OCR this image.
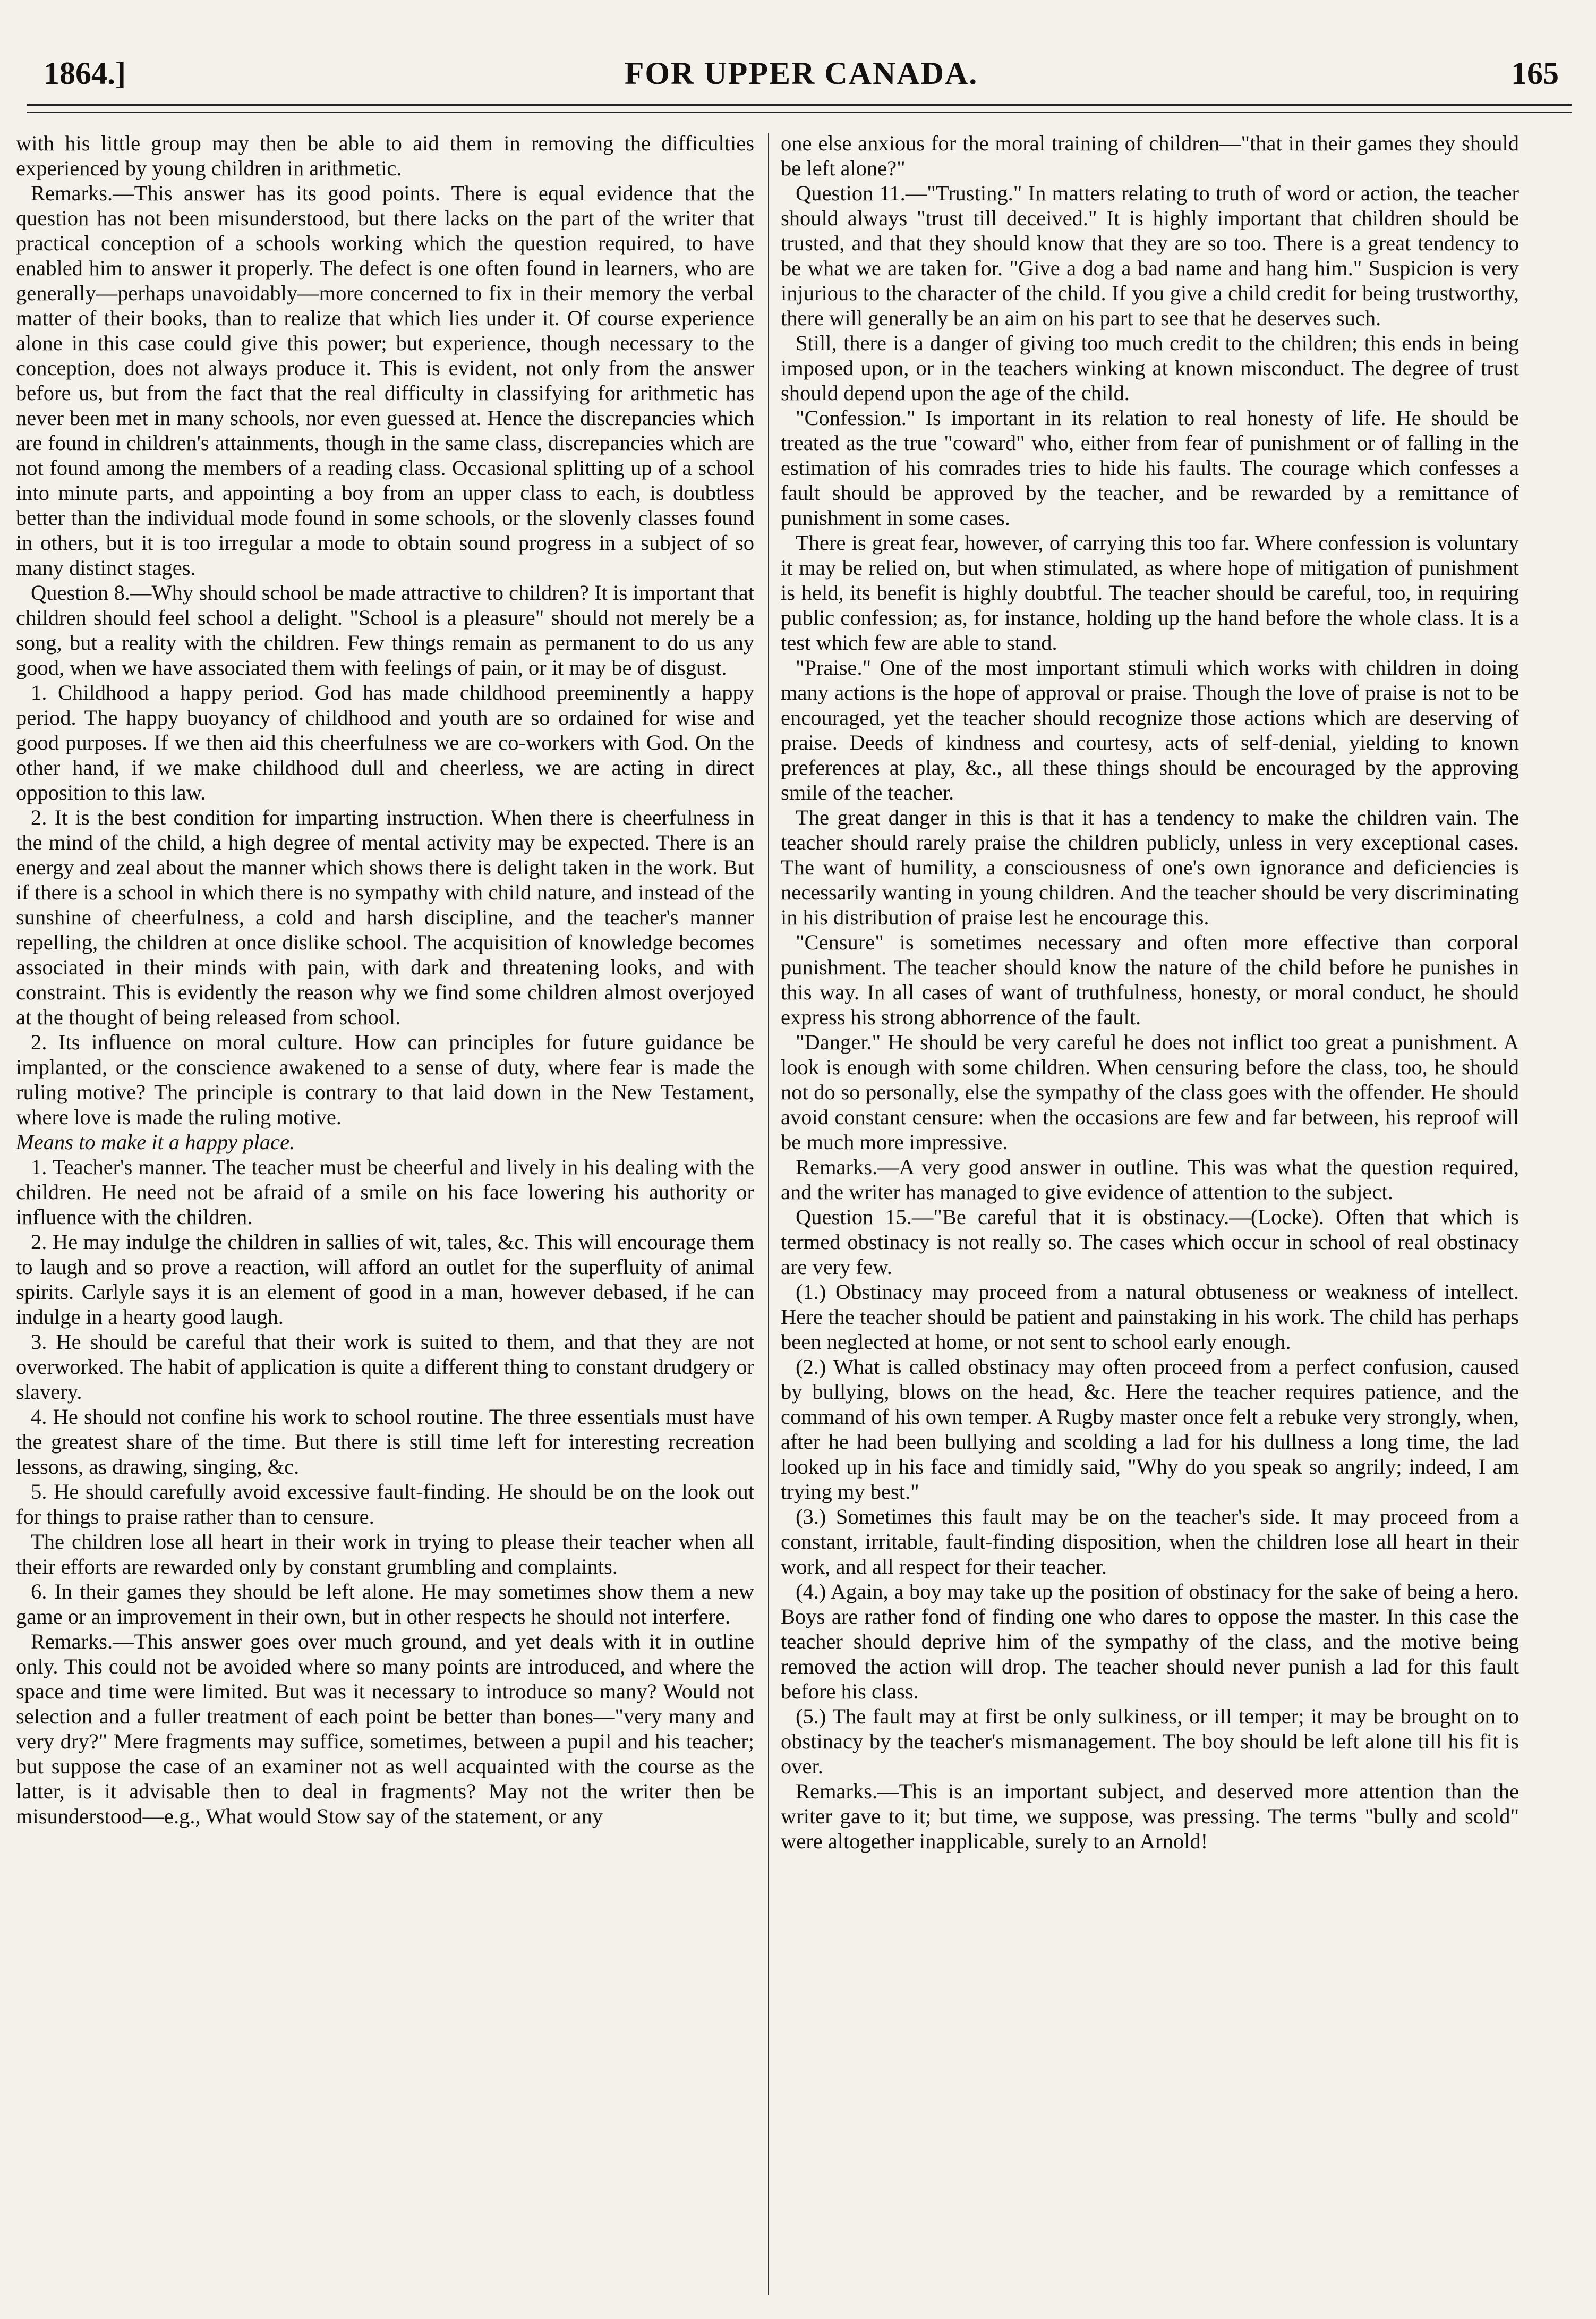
1864.]	FOR UPPER CANADA.	165

with his little group may then be able to aid them in removing the difficulties experienced by young children in arithmetic.

Remarks.—This answer has its good points. There is equal evidence that the question has not been misunderstood, but there lacks on the part of the writer that practical conception of a schools working which the question required, to have enabled him to answer it properly. The defect is one often found in learners, who are generally—perhaps unavoidably—more concerned to fix in their memory the verbal matter of their books, than to realize that which lies under it. Of course experience alone in this case could give this power; but experience, though necessary to the conception, does not always produce it. This is evident, not only from the answer before us, but from the fact that the real difficulty in classifying for arithmetic has never been met in many schools, nor even guessed at. Hence the discrepancies which are found in children's attainments, though in the same class, discrepancies which are not found among the members of a reading class. Occasional splitting up of a school into minute parts, and appointing a boy from an upper class to each, is doubtless better than the individual mode found in some schools, or the slovenly classes found in others, but it is too irregular a mode to obtain sound progress in a subject of so many distinct stages.

Question 8.—Why should school be made attractive to children? It is important that children should feel school a delight. "School is a pleasure" should not merely be a song, but a reality with the children. Few things remain as permanent to do us any good, when we have associated them with feelings of pain, or it may be of disgust.

1. Childhood a happy period. God has made childhood preeminently a happy period. The happy buoyancy of childhood and youth are so ordained for wise and good purposes. If we then aid this cheerfulness we are co-workers with God. On the other hand, if we make childhood dull and cheerless, we are acting in direct opposition to this law.

2. It is the best condition for imparting instruction. When there is cheerfulness in the mind of the child, a high degree of mental activity may be expected. There is an energy and zeal about the manner which shows there is delight taken in the work. But if there is a school in which there is no sympathy with child nature, and instead of the sunshine of cheerfulness, a cold and harsh discipline, and the teacher's manner repelling, the children at once dislike school. The acquisition of knowledge becomes associated in their minds with pain, with dark and threatening looks, and with constraint. This is evidently the reason why we find some children almost overjoyed at the thought of being released from school.

2. Its influence on moral culture. How can principles for future guidance be implanted, or the conscience awakened to a sense of duty, where fear is made the ruling motive? The principle is contrary to that laid down in the New Testament, where love is made the ruling motive.

Means to make it a happy place.

1. Teacher's manner. The teacher must be cheerful and lively in his dealing with the children. He need not be afraid of a smile on his face lowering his authority or influence with the children.

2. He may indulge the children in sallies of wit, tales, &c. This will encourage them to laugh and so prove a reaction, will afford an outlet for the superfluity of animal spirits. Carlyle says it is an element of good in a man, however debased, if he can indulge in a hearty good laugh.

3. He should be careful that their work is suited to them, and that they are not overworked. The habit of application is quite a different thing to constant drudgery or slavery.

4. He should not confine his work to school routine. The three essentials must have the greatest share of the time. But there is still time left for interesting recreation lessons, as drawing, singing, &c.

5. He should carefully avoid excessive fault-finding. He should be on the look out for things to praise rather than to censure.

The children lose all heart in their work in trying to please their teacher when all their efforts are rewarded only by constant grumbling and complaints.

6. In their games they should be left alone. He may sometimes show them a new game or an improvement in their own, but in other respects he should not interfere.

Remarks.—This answer goes over much ground, and yet deals with it in outline only. This could not be avoided where so many points are introduced, and where the space and time were limited. But was it necessary to introduce so many? Would not selection and a fuller treatment of each point be better than bones—"very many and very dry?" Mere fragments may suffice, sometimes, between a pupil and his teacher; but suppose the case of an examiner not as well acquainted with the course as the latter, is it advisable then to deal in fragments? May not the writer then be misunderstood—e.g., What would Stow say of the statement, or any

one else anxious for the moral training of children—"that in their games they should be left alone?"

Question 11.—"Trusting." In matters relating to truth of word or action, the teacher should always "trust till deceived." It is highly important that children should be trusted, and that they should know that they are so too. There is a great tendency to be what we are taken for. "Give a dog a bad name and hang him." Suspicion is very injurious to the character of the child. If you give a child credit for being trustworthy, there will generally be an aim on his part to see that he deserves such.

Still, there is a danger of giving too much credit to the children; this ends in being imposed upon, or in the teachers winking at known misconduct. The degree of trust should depend upon the age of the child.

"Confession." Is important in its relation to real honesty of life. He should be treated as the true "coward" who, either from fear of punishment or of falling in the estimation of his comrades tries to hide his faults. The courage which confesses a fault should be approved by the teacher, and be rewarded by a remittance of punishment in some cases.

There is great fear, however, of carrying this too far. Where confession is voluntary it may be relied on, but when stimulated, as where hope of mitigation of punishment is held, its benefit is highly doubtful. The teacher should be careful, too, in requiring public confession; as, for instance, holding up the hand before the whole class. It is a test which few are able to stand.

"Praise." One of the most important stimuli which works with children in doing many actions is the hope of approval or praise. Though the love of praise is not to be encouraged, yet the teacher should recognize those actions which are deserving of praise. Deeds of kindness and courtesy, acts of self-denial, yielding to known preferences at play, &c., all these things should be encouraged by the approving smile of the teacher.

The great danger in this is that it has a tendency to make the children vain. The teacher should rarely praise the children publicly, unless in very exceptional cases. The want of humility, a consciousness of one's own ignorance and deficiencies is necessarily wanting in young children. And the teacher should be very discriminating in his distribution of praise lest he encourage this.

"Censure" is sometimes necessary and often more effective than corporal punishment. The teacher should know the nature of the child before he punishes in this way. In all cases of want of truthfulness, honesty, or moral conduct, he should express his strong abhorrence of the fault.

"Danger." He should be very careful he does not inflict too great a punishment. A look is enough with some children. When censuring before the class, too, he should not do so personally, else the sympathy of the class goes with the offender. He should avoid constant censure: when the occasions are few and far between, his reproof will be much more impressive.

Remarks.—A very good answer in outline. This was what the question required, and the writer has managed to give evidence of attention to the subject.

Question 15.—"Be careful that it is obstinacy.—(Locke). Often that which is termed obstinacy is not really so. The cases which occur in school of real obstinacy are very few.

(1.) Obstinacy may proceed from a natural obtuseness or weakness of intellect. Here the teacher should be patient and painstaking in his work. The child has perhaps been neglected at home, or not sent to school early enough.

(2.) What is called obstinacy may often proceed from a perfect confusion, caused by bullying, blows on the head, &c. Here the teacher requires patience, and the command of his own temper. A Rugby master once felt a rebuke very strongly, when, after he had been bullying and scolding a lad for his dullness a long time, the lad looked up in his face and timidly said, "Why do you speak so angrily; indeed, I am trying my best."

(3.) Sometimes this fault may be on the teacher's side. It may proceed from a constant, irritable, fault-finding disposition, when the children lose all heart in their work, and all respect for their teacher.

(4.) Again, a boy may take up the position of obstinacy for the sake of being a hero. Boys are rather fond of finding one who dares to oppose the master. In this case the teacher should deprive him of the sympathy of the class, and the motive being removed the action will drop. The teacher should never punish a lad for this fault before his class.

(5.) The fault may at first be only sulkiness, or ill temper; it may be brought on to obstinacy by the teacher's mismanagement. The boy should be left alone till his fit is over.

Remarks.—This is an important subject, and deserved more attention than the writer gave to it; but time, we suppose, was pressing. The terms "bully and scold" were altogether inapplicable, surely to an Arnold!
